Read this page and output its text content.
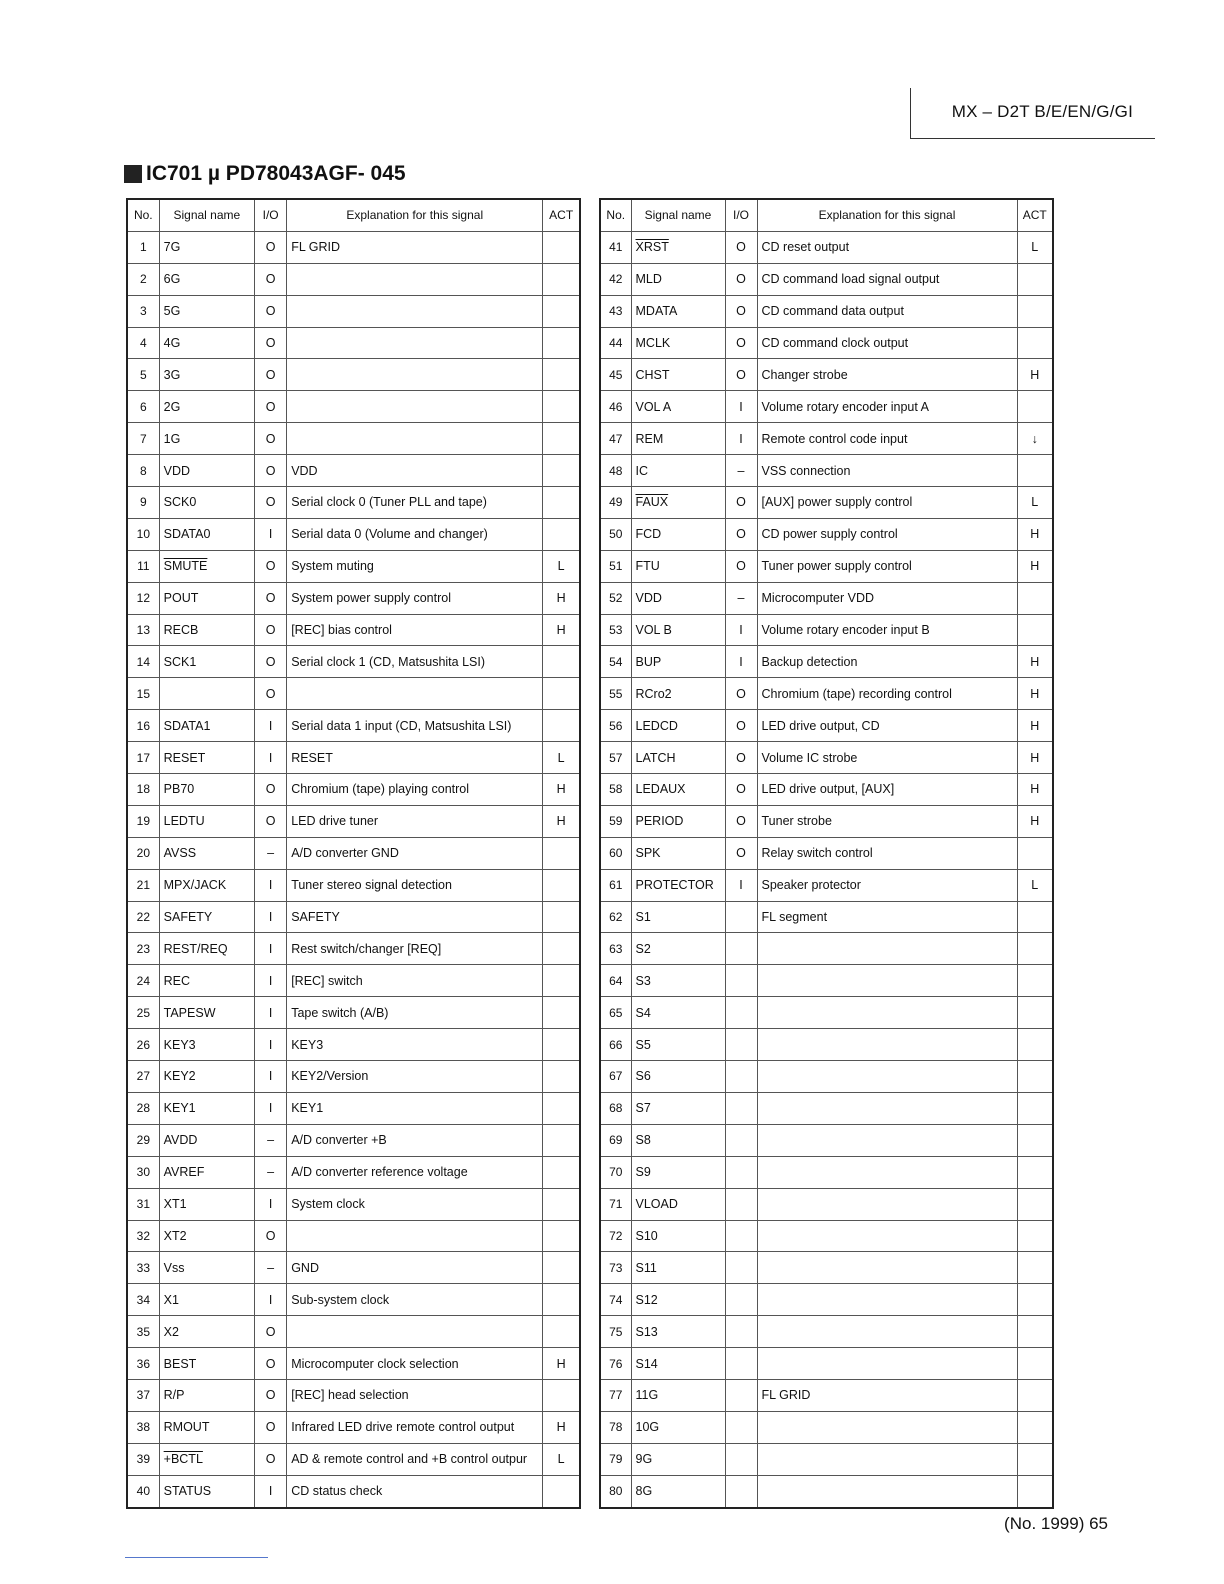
MX – D2T B/E/EN/G/GI
IC701 µ PD78043AGF- 045
No.	Signal name	I/O	Explanation for this signal	ACT
1	7G	O	FL GRID	
2	6G	O		
3	5G	O		
4	4G	O		
5	3G	O		
6	2G	O		
7	1G	O		
8	VDD	O	VDD	
9	SCK0	O	Serial clock 0 (Tuner PLL and tape)	
10	SDATA0	I	Serial data 0 (Volume and changer)	
11	SMUTE	O	System muting	L
12	POUT	O	System power supply control	H
13	RECB	O	[REC] bias control	H
14	SCK1	O	Serial clock 1 (CD, Matsushita LSI)	
15		O		
16	SDATA1	I	Serial data 1 input (CD, Matsushita LSI)	
17	RESET	I	RESET	L
18	PB70	O	Chromium (tape) playing control	H
19	LEDTU	O	LED drive tuner	H
20	AVSS	–	A/D converter GND	
21	MPX/JACK	I	Tuner stereo signal detection	
22	SAFETY	I	SAFETY	
23	REST/REQ	I	Rest switch/changer [REQ]	
24	REC	I	[REC] switch	
25	TAPESW	I	Tape switch (A/B)	
26	KEY3	I	KEY3	
27	KEY2	I	KEY2/Version	
28	KEY1	I	KEY1	
29	AVDD	–	A/D converter +B	
30	AVREF	–	A/D converter reference voltage	
31	XT1	I	System clock	
32	XT2	O		
33	Vss	–	GND	
34	X1	I	Sub-system clock	
35	X2	O		
36	BEST	O	Microcomputer clock selection	H
37	R/P	O	[REC] head selection	
38	RMOUT	O	Infrared LED drive remote control output	H
39	+BCTL	O	AD & remote control and +B control outpur	L
40	STATUS	I	CD status check	
No.	Signal name	I/O	Explanation for this signal	ACT
41	XRST	O	CD reset output	L
42	MLD	O	CD command load signal output	
43	MDATA	O	CD command data output	
44	MCLK	O	CD command clock output	
45	CHST	O	Changer strobe	H
46	VOL A	I	Volume rotary encoder input A	
47	REM	I	Remote control code input	↓
48	IC	–	VSS connection	
49	FAUX	O	[AUX] power supply control	L
50	FCD	O	CD power supply control	H
51	FTU	O	Tuner power supply control	H
52	VDD	–	Microcomputer VDD	
53	VOL B	I	Volume rotary encoder input B	
54	BUP	I	Backup detection	H
55	RCro2	O	Chromium (tape) recording control	H
56	LEDCD	O	LED drive output, CD	H
57	LATCH	O	Volume IC strobe	H
58	LEDAUX	O	LED drive output, [AUX]	H
59	PERIOD	O	Tuner strobe	H
60	SPK	O	Relay switch control	
61	PROTECTOR	I	Speaker protector	L
62	S1		FL segment	
63	S2			
64	S3			
65	S4			
66	S5			
67	S6			
68	S7			
69	S8			
70	S9			
71	VLOAD			
72	S10			
73	S11			
74	S12			
75	S13			
76	S14			
77	11G		FL GRID	
78	10G			
79	9G			
80	8G			
(No. 1999) 65
